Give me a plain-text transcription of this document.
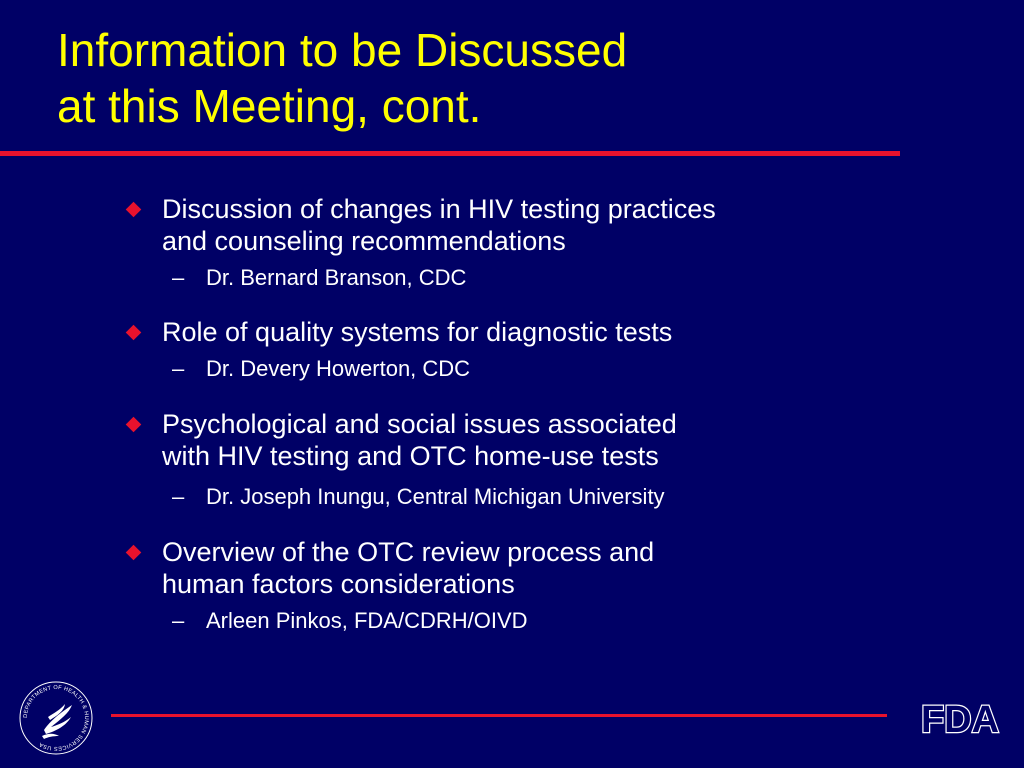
Information to be Discussed
at this Meeting, cont.
Discussion of changes in HIV testing practices
and counseling recommendations
– Dr. Bernard Branson, CDC
Role of quality systems for diagnostic tests
– Dr. Devery Howerton, CDC
Psychological and social issues associated
with HIV testing and OTC home-use tests
– Dr. Joseph Inungu, Central Michigan University
Overview of the OTC review process and
human factors considerations
– Arleen Pinkos, FDA/CDRH/OIVD
DEPARTMENT OF HEALTH & HUMAN SERVICES USA
FDA
